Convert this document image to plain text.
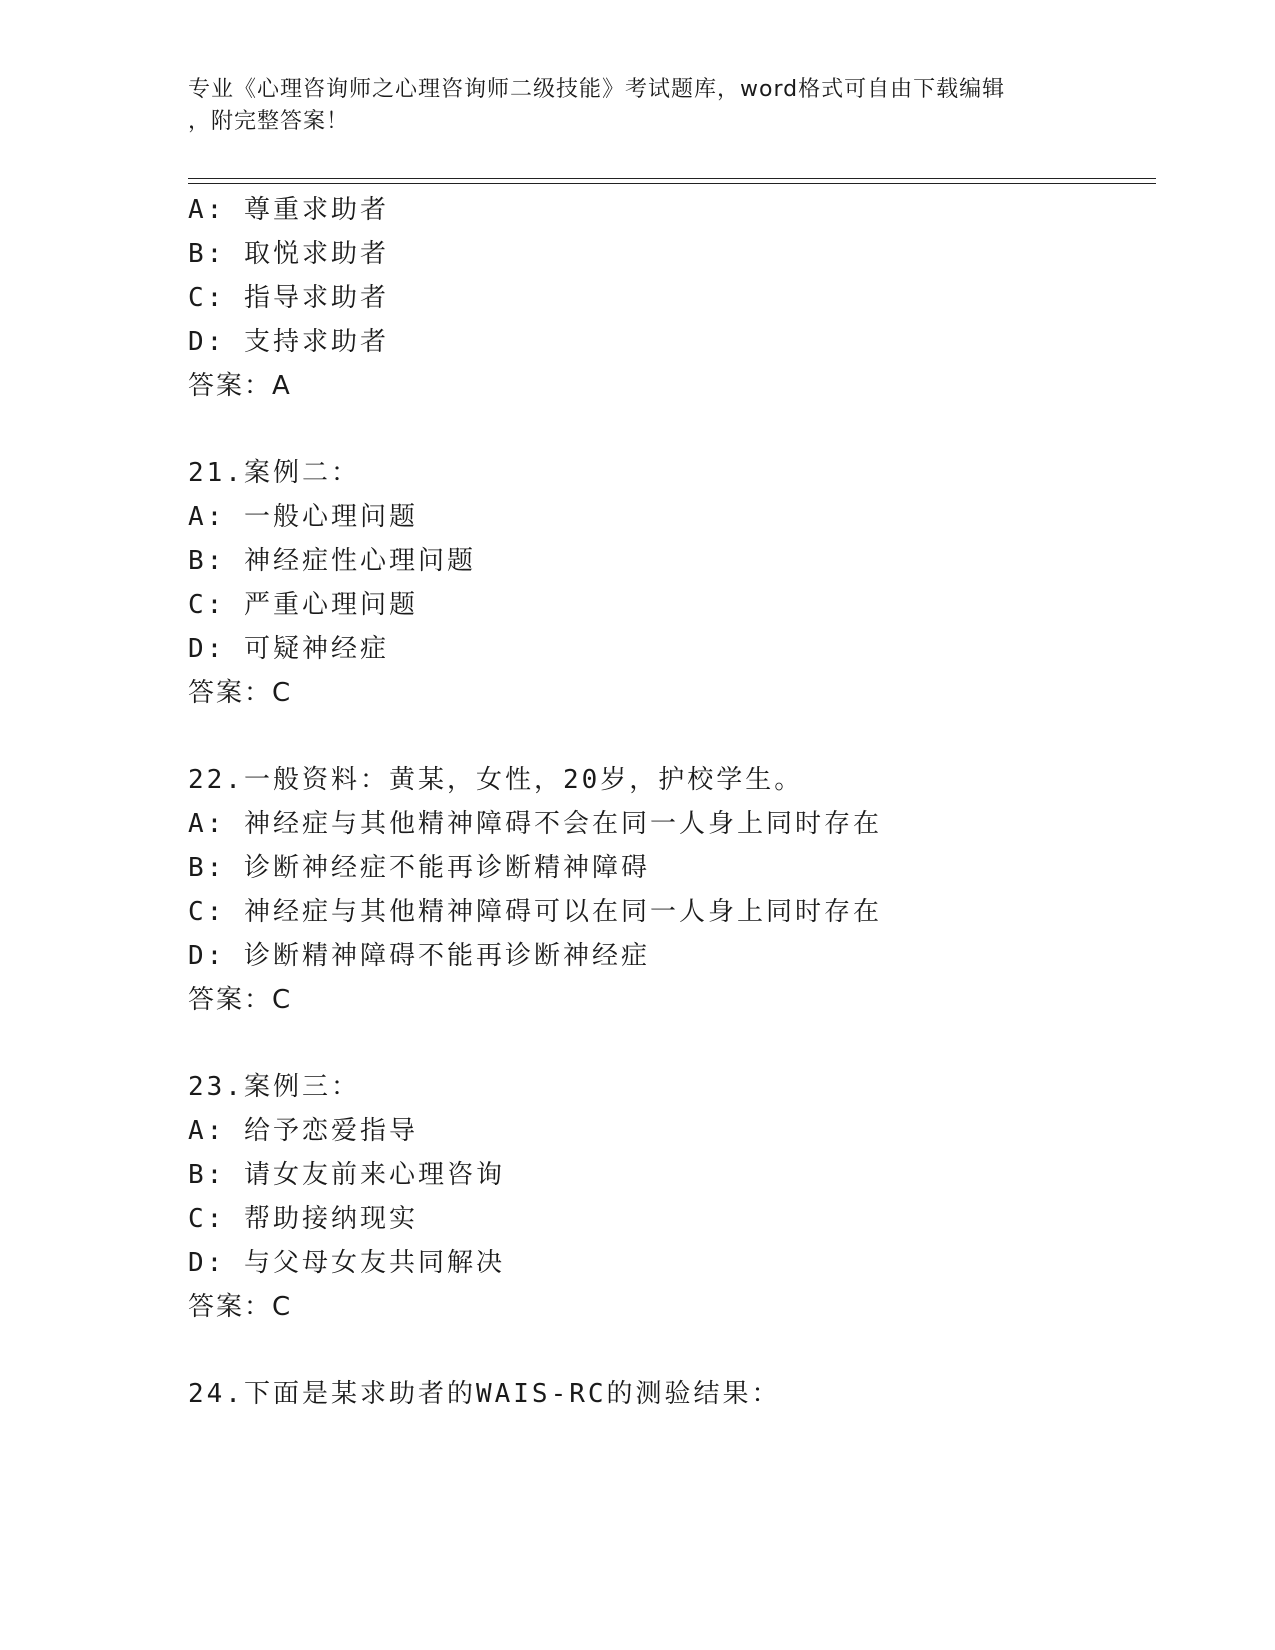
专业《心理咨询师之心理咨询师二级技能》考试题库，word格式可自由下载编辑
，附完整答案！
A: 尊重求助者
B: 取悦求助者
C: 指导求助者
D: 支持求助者
答案：A
21.案例二：
A: 一般心理问题
B: 神经症性心理问题
C: 严重心理问题
D: 可疑神经症
答案：C
22.一般资料：黄某，女性，20岁，护校学生。
A: 神经症与其他精神障碍不会在同一人身上同时存在
B: 诊断神经症不能再诊断精神障碍
C: 神经症与其他精神障碍可以在同一人身上同时存在
D: 诊断精神障碍不能再诊断神经症
答案：C
23.案例三：
A: 给予恋爱指导
B: 请女友前来心理咨询
C: 帮助接纳现实
D: 与父母女友共同解决
答案：C
24.下面是某求助者的WAIS-RC的测验结果：
